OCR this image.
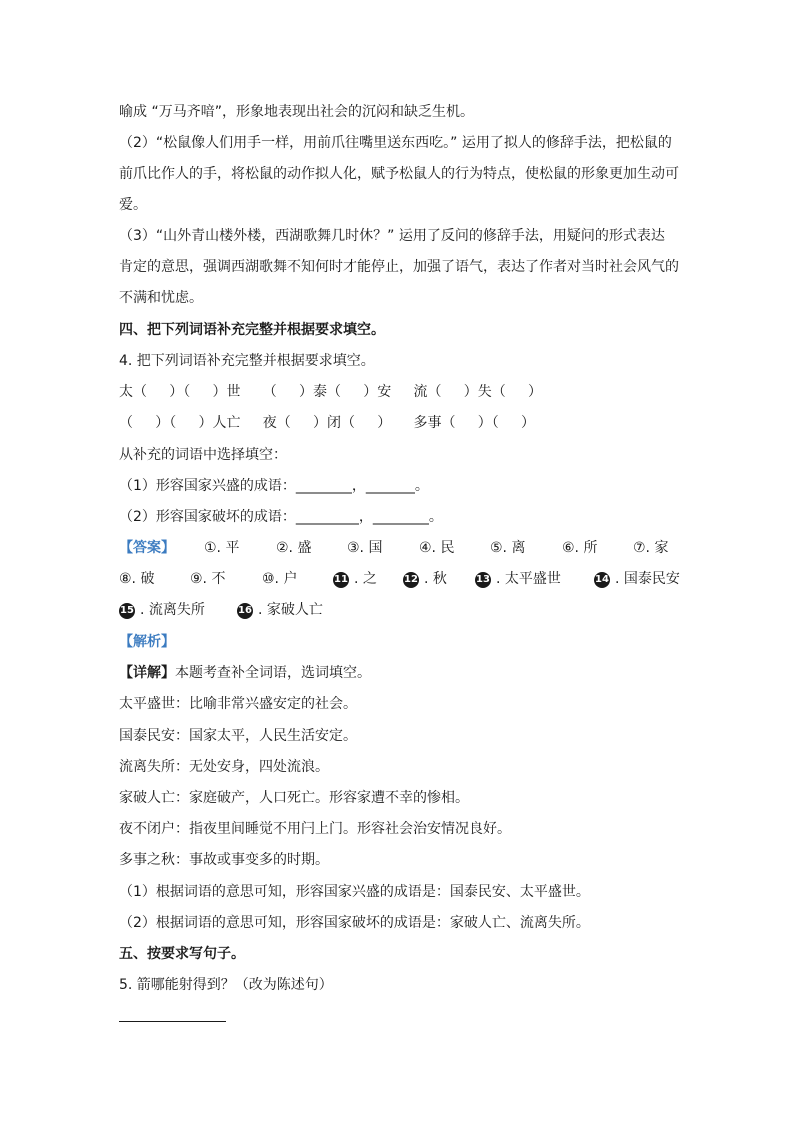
喻成 “万马齐喑”，形象地表现出社会的沉闷和缺乏生机。
（2）“松鼠像人们用手一样，用前爪往嘴里送东西吃。” 运用了拟人的修辞手法，把松鼠的
前爪比作人的手，将松鼠的动作拟人化，赋予松鼠人的行为特点，使松鼠的形象更加生动可
爱。
（3）“山外青山楼外楼，西湖歌舞几时休？” 运用了反问的修辞手法，用疑问的形式表达
肯定的意思，强调西湖歌舞不知何时才能停止，加强了语气，表达了作者对当时社会风气的
不满和忧虑。
四、把下列词语补充完整并根据要求填空。
4. 把下列词语补充完整并根据要求填空。
太（     ）（     ）世     （     ）泰（     ）安     流（     ）失（     ）
（     ）（     ）人亡     夜（     ）闭（     ）     多事（     ）（     ）
从补充的词语中选择填空：
（1）形容国家兴盛的成语：________，_______。
（2）形容国家破坏的成语：_________，________。
【答案】 ①. 平	②. 盛	③. 国	④. 民	⑤. 离	⑥. 所	⑦. 家
⑧. 破	⑨. 不	⑩. 户	11 . 之	12 . 秋	13 . 太平盛世	14 . 国泰民安
15 . 流离失所	16 . 家破人亡
【解析】
【详解】本题考查补全词语，选词填空。
太平盛世：比喻非常兴盛安定的社会。
国泰民安：国家太平，人民生活安定。
流离失所：无处安身，四处流浪。
家破人亡：家庭破产，人口死亡。形容家遭不幸的惨相。
夜不闭户：指夜里间睡觉不用闩上门。形容社会治安情况良好。
多事之秋：事故或事变多的时期。
（1）根据词语的意思可知，形容国家兴盛的成语是：国泰民安、太平盛世。
（2）根据词语的意思可知，形容国家破坏的成语是：家破人亡、流离失所。
五、按要求写句子。
5. 箭哪能射得到？（改为陈述句）
